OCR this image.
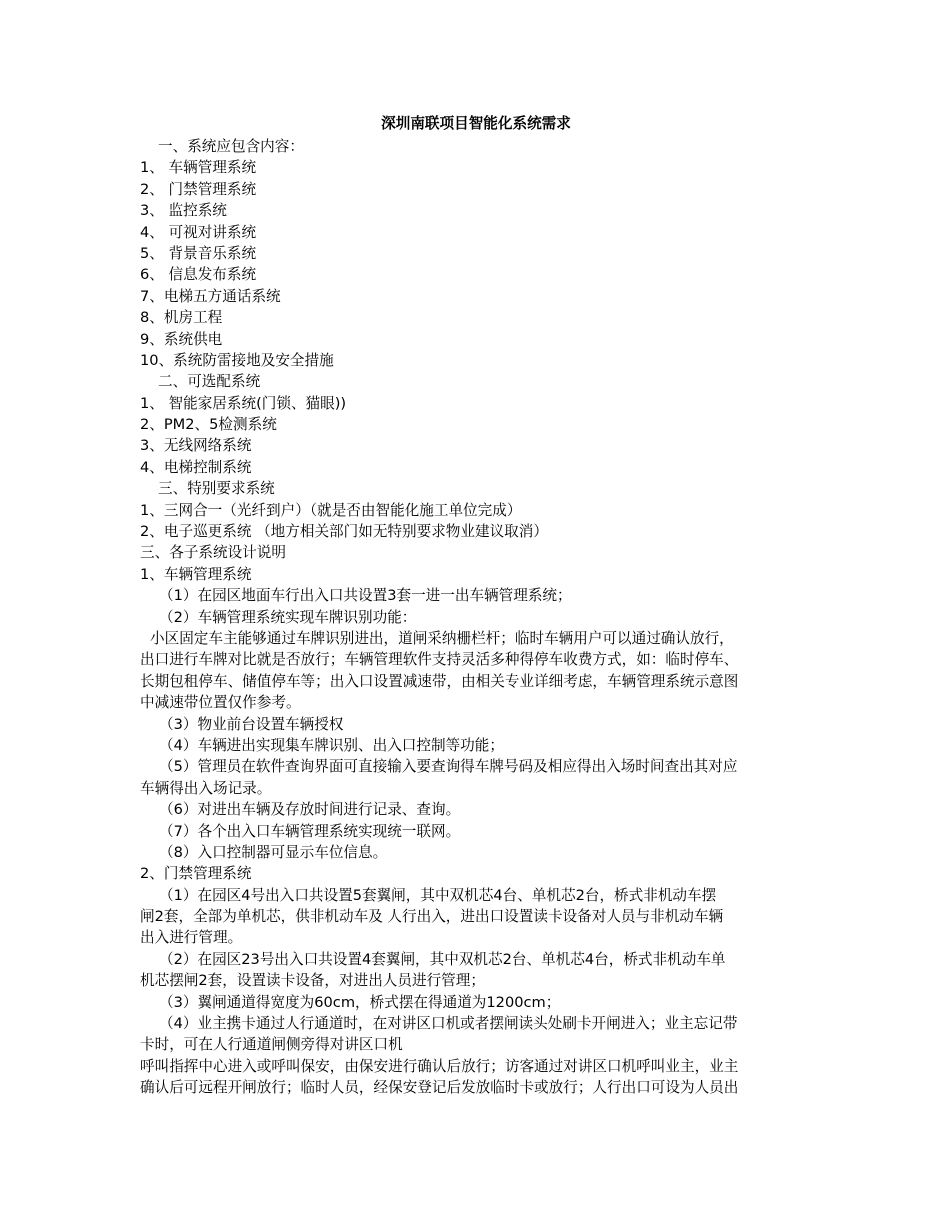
深圳南联项目智能化系统需求
一、系统应包含内容：
1、 车辆管理系统
2、 门禁管理系统
3、 监控系统
4、 可视对讲系统
5、 背景音乐系统
6、 信息发布系统
7、电梯五方通话系统
8、机房工程
9、系统供电
10、系统防雷接地及安全措施
二、可选配系统
1、 智能家居系统(门锁、猫眼))
2、PM2、5检测系统
3、无线网络系统
4、电梯控制系统
三、特别要求系统
1、三网合一（光纤到户）（就是否由智能化施工单位完成）
2、电子巡更系统 （地方相关部门如无特别要求物业建议取消）
三、各子系统设计说明
1、车辆管理系统
（1）在园区地面车行出入口共设置3套一进一出车辆管理系统；
（2）车辆管理系统实现车牌识别功能：
小区固定车主能够通过车牌识别进出，道闸采纳栅栏杆；临时车辆用户可以通过确认放行，
出口进行车牌对比就是否放行；车辆管理软件支持灵活多种得停车收费方式，如：临时停车、
长期包租停车、储值停车等；出入口设置减速带，由相关专业详细考虑，车辆管理系统示意图
中减速带位置仅作参考。
（3）物业前台设置车辆授权
（4）车辆进出实现集车牌识别、出入口控制等功能；
（5）管理员在软件查询界面可直接输入要查询得车牌号码及相应得出入场时间查出其对应
车辆得出入场记录。
（6）对进出车辆及存放时间进行记录、查询。
（7）各个出入口车辆管理系统实现统一联网。
（8）入口控制器可显示车位信息。
2、门禁管理系统
（1）在园区4号出入口共设置5套翼闸，其中双机芯4台、单机芯2台，桥式非机动车摆
闸2套，全部为单机芯，供非机动车及 人行出入，进出口设置读卡设备对人员与非机动车辆
出入进行管理。
（2）在园区23号出入口共设置4套翼闸，其中双机芯2台、单机芯4台，桥式非机动车单
机芯摆闸2套，设置读卡设备，对进出人员进行管理；
（3）翼闸通道得宽度为60cm，桥式摆在得通道为1200cm；
（4）业主携卡通过人行通道时，在对讲区口机或者摆闸读头处刷卡开闸进入；业主忘记带
卡时，可在人行通道闸侧旁得对讲区口机
呼叫指挥中心进入或呼叫保安，由保安进行确认后放行；访客通过对讲区口机呼叫业主，业主
确认后可远程开闸放行；临时人员，经保安登记后发放临时卡或放行；人行出口可设为人员出
